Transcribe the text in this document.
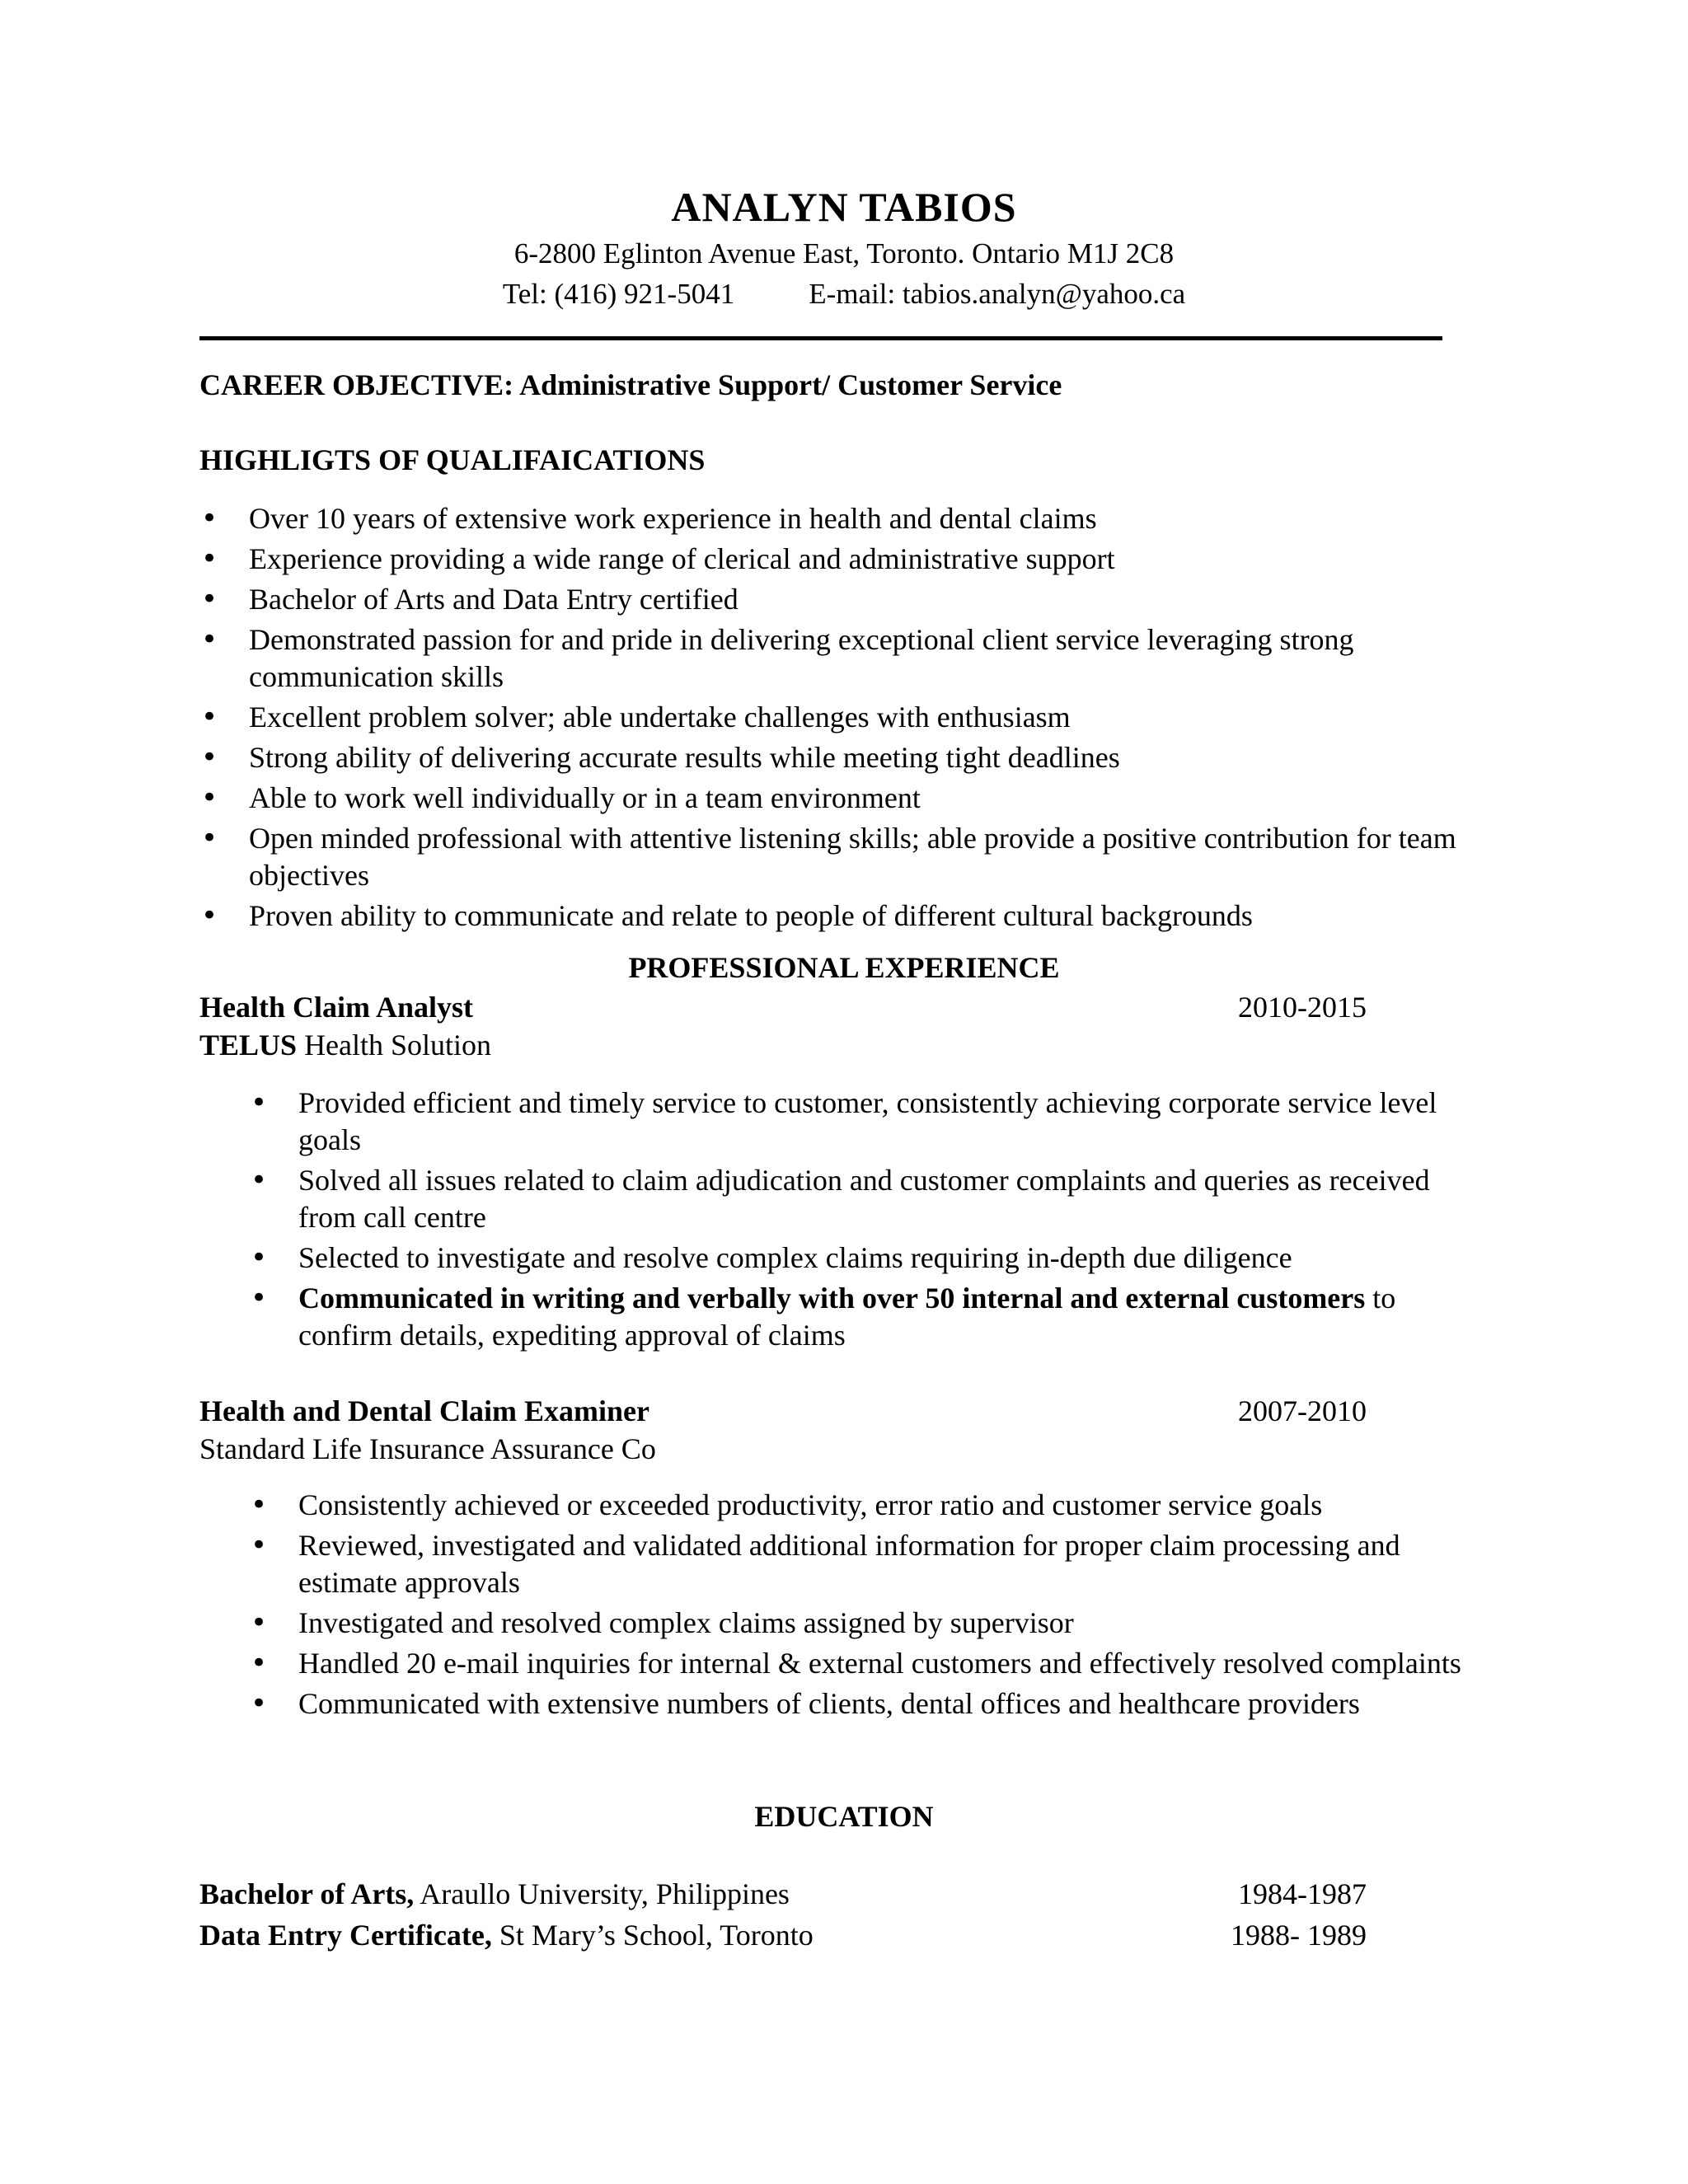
ANALYN TABIOS
6-2800 Eglinton Avenue East, Toronto. Ontario M1J 2C8
Tel: (416) 921-5041	E-mail: tabios.analyn@yahoo.ca
CAREER OBJECTIVE: Administrative Support/ Customer Service
HIGHLIGTS OF QUALIFAICATIONS
• Over 10 years of extensive work experience in health and dental claims
• Experience providing a wide range of clerical and administrative support
• Bachelor of Arts and Data Entry certified
• Demonstrated passion for and pride in delivering exceptional client service leveraging strong communication skills
• Excellent problem solver; able undertake challenges with enthusiasm
• Strong ability of delivering accurate results while meeting tight deadlines
• Able to work well individually or in a team environment
• Open minded professional with attentive listening skills; able provide a positive contribution for team objectives
• Proven ability to communicate and relate to people of different cultural backgrounds
PROFESSIONAL EXPERIENCE
Health Claim Analyst	2010-2015
TELUS Health Solution
• Provided efficient and timely service to customer, consistently achieving corporate service level goals
• Solved all issues related to claim adjudication and customer complaints and queries as received from call centre
• Selected to investigate and resolve complex claims requiring in-depth due diligence
• Communicated in writing and verbally with over 50 internal and external customers to confirm details, expediting approval of claims
Health and Dental Claim Examiner	2007-2010
Standard Life Insurance Assurance Co
• Consistently achieved or exceeded productivity, error ratio and customer service goals
• Reviewed, investigated and validated additional information for proper claim processing and estimate approvals
• Investigated and resolved complex claims assigned by supervisor
• Handled 20 e-mail inquiries for internal & external customers and effectively resolved complaints
• Communicated with extensive numbers of clients, dental offices and healthcare providers
EDUCATION
Bachelor of Arts, Araullo University, Philippines	1984-1987
Data Entry Certificate, St Mary’s School, Toronto	1988- 1989
